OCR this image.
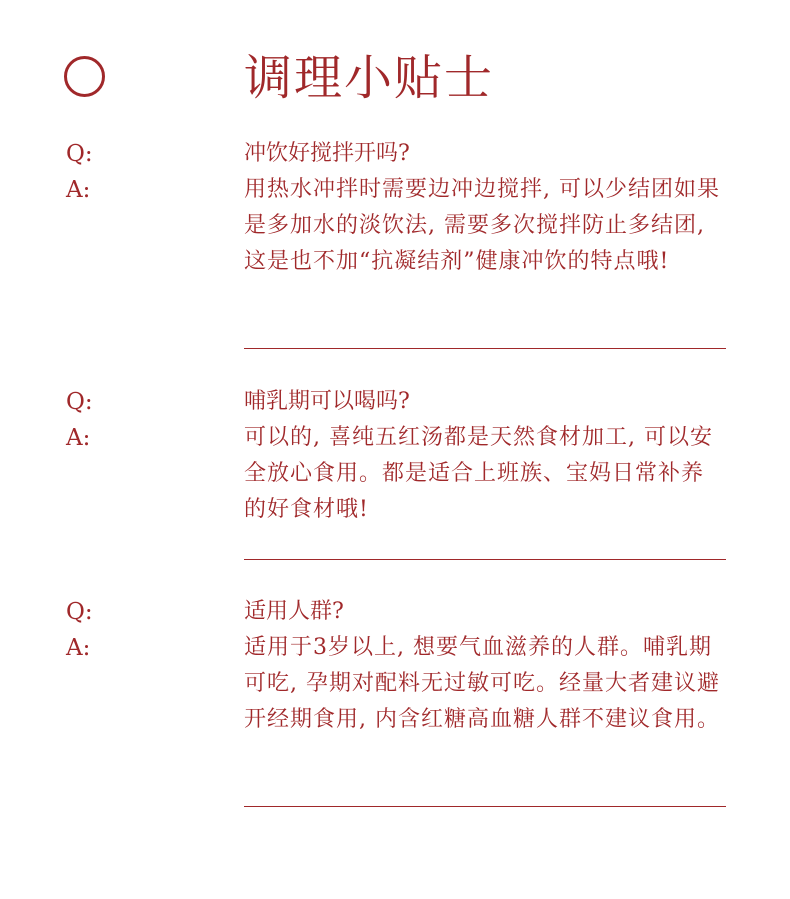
调理小贴士
Q:	冲饮好搅拌开吗?
A:	用热水冲拌时需要边冲边搅拌, 可以少结团如果是多加水的淡饮法, 需要多次搅拌防止多结团, 这是也不加“抗凝结剂”健康冲饮的特点哦!
Q:	哺乳期可以喝吗?
A:	可以的, 喜纯五红汤都是天然食材加工, 可以安全放心食用。都是适合上班族、宝妈日常补养的好食材哦!
Q:	适用人群?
A:	适用于3岁以上, 想要气血滋养的人群。哺乳期可吃, 孕期对配料无过敏可吃。经量大者建议避开经期食用, 内含红糖高血糖人群不建议食用。
